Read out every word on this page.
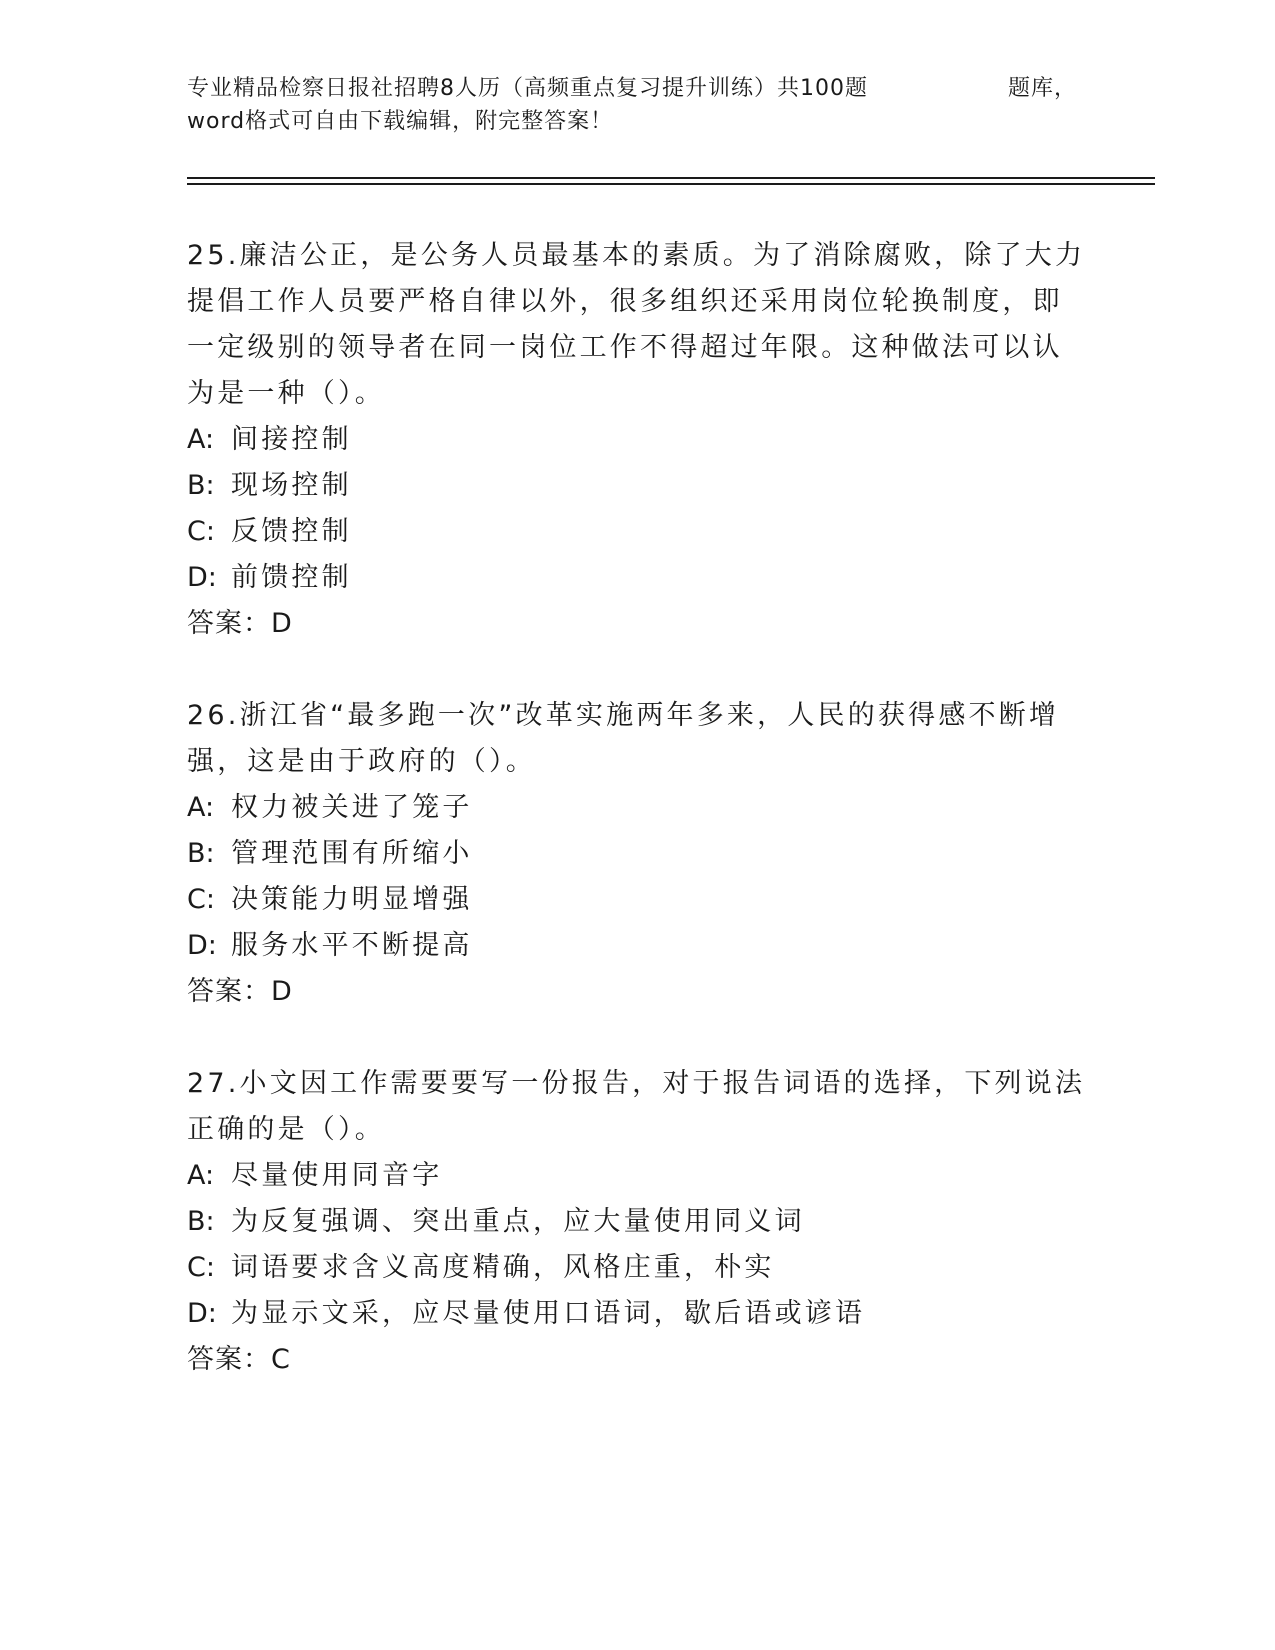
专业精品检察日报社招聘8人历（高频重点复习提升训练）共100题	题库，
word格式可自由下载编辑，附完整答案！

25.廉洁公正，是公务人员最基本的素质。为了消除腐败，除了大力提倡工作人员要严格自律以外，很多组织还采用岗位轮换制度，即一定级别的领导者在同一岗位工作不得超过年限。这种做法可以认为是一种（）。

A: 间接控制
B: 现场控制
C: 反馈控制
D: 前馈控制
答案：D

26.浙江省“最多跑一次”改革实施两年多来，人民的获得感不断增强，这是由于政府的（）。

A: 权力被关进了笼子
B: 管理范围有所缩小
C: 决策能力明显增强
D: 服务水平不断提高
答案：D

27.小文因工作需要要写一份报告，对于报告词语的选择，下列说法正确的是（）。

A: 尽量使用同音字
B: 为反复强调、突出重点，应大量使用同义词
C: 词语要求含义高度精确，风格庄重，朴实
D: 为显示文采，应尽量使用口语词，歇后语或谚语
答案：C
